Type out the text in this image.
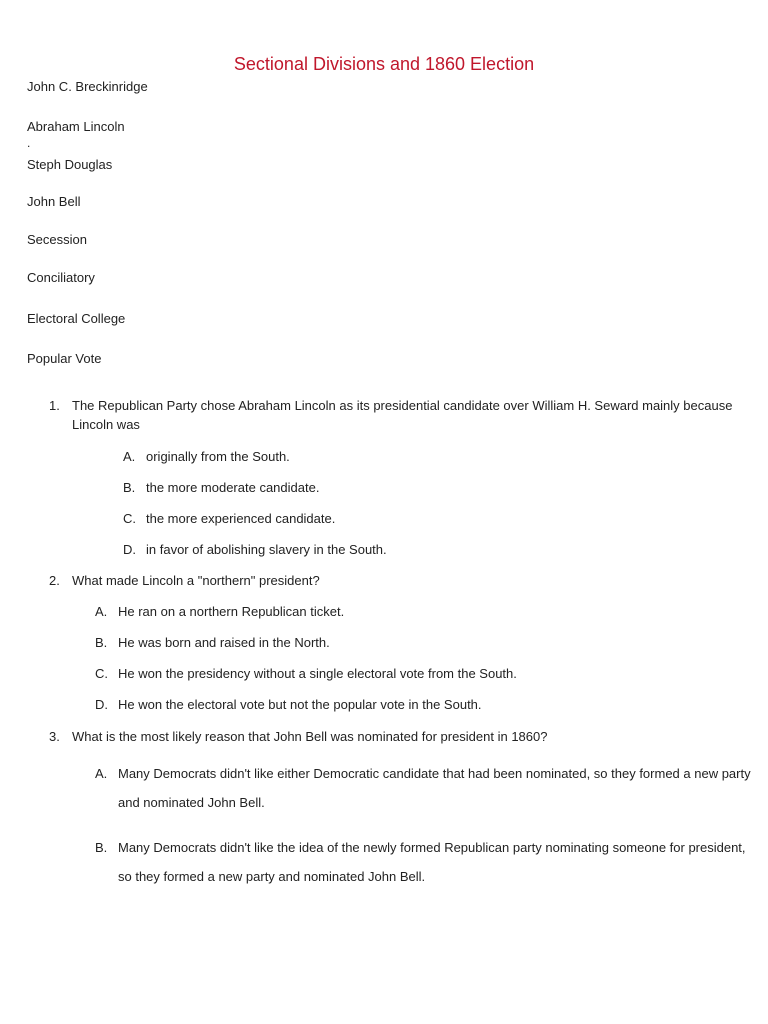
Sectional Divisions and 1860 Election
John C. Breckinridge
Abraham Lincoln
.
Steph Douglas
John Bell
Secession
Conciliatory
Electoral College
Popular Vote
1. The Republican Party chose Abraham Lincoln as its presidential candidate over William H. Seward mainly because Lincoln was
A. originally from the South.
B. the more moderate candidate.
C. the more experienced candidate.
D. in favor of abolishing slavery in the South.
2. What made Lincoln a "northern" president?
A. He ran on a northern Republican ticket.
B. He was born and raised in the North.
C. He won the presidency without a single electoral vote from the South.
D. He won the electoral vote but not the popular vote in the South.
3. What is the most likely reason that John Bell was nominated for president in 1860?
A. Many Democrats didn't like either Democratic candidate that had been nominated, so they formed a new party and nominated John Bell.
B. Many Democrats didn't like the idea of the newly formed Republican party nominating someone for president, so they formed a new party and nominated John Bell.
